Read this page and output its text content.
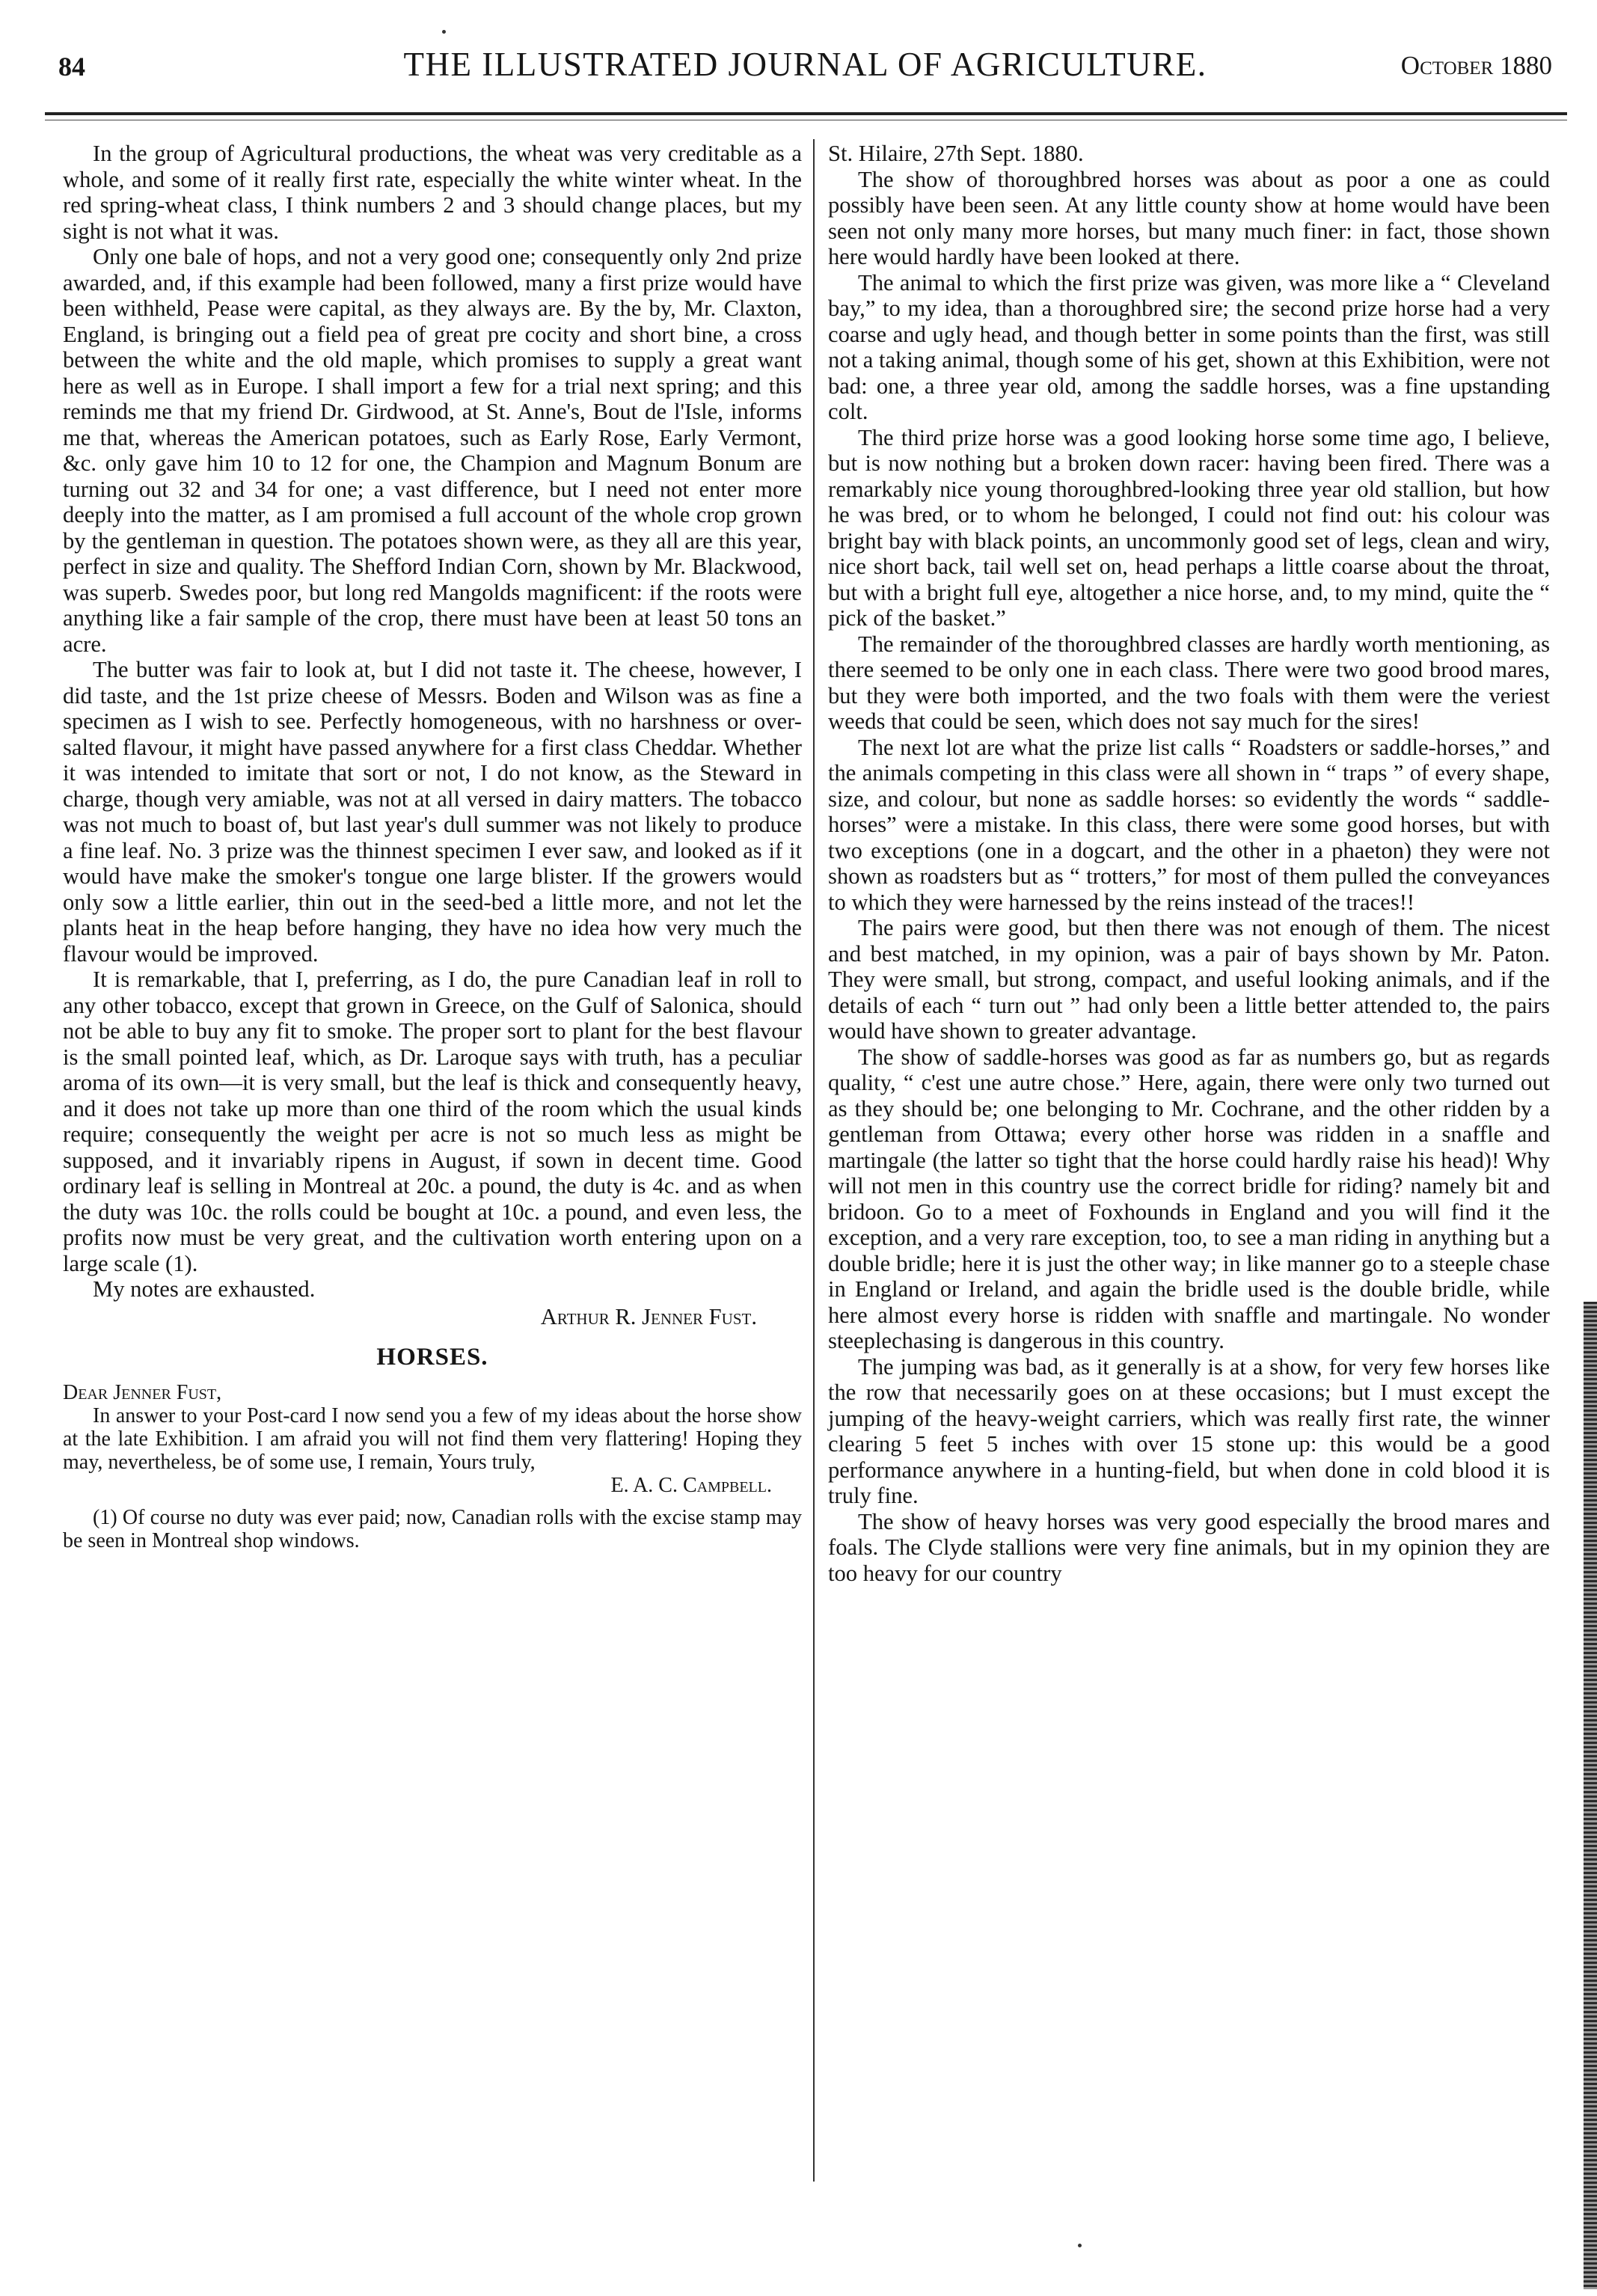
84	THE ILLUSTRATED JOURNAL OF AGRICULTURE.	October 1880

In the group of Agricultural productions, the wheat was very creditable as a whole, and some of it really first rate, especially the white winter wheat. In the red spring-wheat class, I think numbers 2 and 3 should change places, but my sight is not what it was.

Only one bale of hops, and not a very good one; consequently only 2nd prize awarded, and, if this example had been followed, many a first prize would have been withheld, Pease were capital, as they always are. By the by, Mr. Claxton, England, is bringing out a field pea of great pre cocity and short bine, a cross between the white and the old maple, which promises to supply a great want here as well as in Europe. I shall import a few for a trial next spring; and this reminds me that my friend Dr. Girdwood, at St. Anne's, Bout de l'Isle, informs me that, whereas the American potatoes, such as Early Rose, Early Vermont, &c. only gave him 10 to 12 for one, the Champion and Magnum Bonum are turning out 32 and 34 for one; a vast difference, but I need not enter more deeply into the matter, as I am promised a full account of the whole crop grown by the gentleman in question. The potatoes shown were, as they all are this year, perfect in size and quality. The Shefford Indian Corn, shown by Mr. Blackwood, was superb. Swedes poor, but long red Mangolds magnificent: if the roots were anything like a fair sample of the crop, there must have been at least 50 tons an acre.

The butter was fair to look at, but I did not taste it. The cheese, however, I did taste, and the 1st prize cheese of Messrs. Boden and Wilson was as fine a specimen as I wish to see. Perfectly homogeneous, with no harshness or over-salted flavour, it might have passed anywhere for a first class Cheddar. Whether it was intended to imitate that sort or not, I do not know, as the Steward in charge, though very amiable, was not at all versed in dairy matters. The tobacco was not much to boast of, but last year's dull summer was not likely to produce a fine leaf. No. 3 prize was the thinnest specimen I ever saw, and looked as if it would have make the smoker's tongue one large blister. If the growers would only sow a little earlier, thin out in the seed-bed a little more, and not let the plants heat in the heap before hanging, they have no idea how very much the flavour would be improved.

It is remarkable, that I, preferring, as I do, the pure Canadian leaf in roll to any other tobacco, except that grown in Greece, on the Gulf of Salonica, should not be able to buy any fit to smoke. The proper sort to plant for the best flavour is the small pointed leaf, which, as Dr. Laroque says with truth, has a peculiar aroma of its own—it is very small, but the leaf is thick and consequently heavy, and it does not take up more than one third of the room which the usual kinds require; consequently the weight per acre is not so much less as might be supposed, and it invariably ripens in August, if sown in decent time. Good ordinary leaf is selling in Montreal at 20c. a pound, the duty is 4c. and as when the duty was 10c. the rolls could be bought at 10c. a pound, and even less, the profits now must be very great, and the cultivation worth entering upon on a large scale (1).

My notes are exhausted.

Arthur R. Jenner Fust.
HORSES.

Dear Jenner Fust,

In answer to your Post-card I now send you a few of my ideas about the horse show at the late Exhibition. I am afraid you will not find them very flattering! Hoping they may, nevertheless, be of some use, I remain, Yours truly,

E. A. C. Campbell.

(1) Of course no duty was ever paid; now, Canadian rolls with the excise stamp may be seen in Montreal shop windows.

St. Hilaire, 27th Sept. 1880.

The show of thoroughbred horses was about as poor a one as could possibly have been seen. At any little county show at home would have been seen not only many more horses, but many much finer: in fact, those shown here would hardly have been looked at there.

The animal to which the first prize was given, was more like a “ Cleveland bay,” to my idea, than a thoroughbred sire; the second prize horse had a very coarse and ugly head, and though better in some points than the first, was still not a taking animal, though some of his get, shown at this Exhibition, were not bad: one, a three year old, among the saddle horses, was a fine upstanding colt.

The third prize horse was a good looking horse some time ago, I believe, but is now nothing but a broken down racer: having been fired. There was a remarkably nice young thoroughbred-looking three year old stallion, but how he was bred, or to whom he belonged, I could not find out: his colour was bright bay with black points, an uncommonly good set of legs, clean and wiry, nice short back, tail well set on, head perhaps a little coarse about the throat, but with a bright full eye, altogether a nice horse, and, to my mind, quite the “ pick of the basket.”

The remainder of the thoroughbred classes are hardly worth mentioning, as there seemed to be only one in each class. There were two good brood mares, but they were both imported, and the two foals with them were the veriest weeds that could be seen, which does not say much for the sires!

The next lot are what the prize list calls “ Roadsters or saddle-horses,” and the animals competing in this class were all shown in “ traps ” of every shape, size, and colour, but none as saddle horses: so evidently the words “ saddle-horses” were a mistake. In this class, there were some good horses, but with two exceptions (one in a dogcart, and the other in a phaeton) they were not shown as roadsters but as “ trotters,” for most of them pulled the conveyances to which they were harnessed by the reins instead of the traces!!

The pairs were good, but then there was not enough of them. The nicest and best matched, in my opinion, was a pair of bays shown by Mr. Paton. They were small, but strong, compact, and useful looking animals, and if the details of each “ turn out ” had only been a little better attended to, the pairs would have shown to greater advantage.

The show of saddle-horses was good as far as numbers go, but as regards quality, “ c'est une autre chose.” Here, again, there were only two turned out as they should be; one belonging to Mr. Cochrane, and the other ridden by a gentleman from Ottawa; every other horse was ridden in a snaffle and martingale (the latter so tight that the horse could hardly raise his head)! Why will not men in this country use the correct bridle for riding? namely bit and bridoon. Go to a meet of Foxhounds in England and you will find it the exception, and a very rare exception, too, to see a man riding in anything but a double bridle; here it is just the other way; in like manner go to a steeple chase in England or Ireland, and again the bridle used is the double bridle, while here almost every horse is ridden with snaffle and martingale. No wonder steeplechasing is dangerous in this country.

The jumping was bad, as it generally is at a show, for very few horses like the row that necessarily goes on at these occasions; but I must except the jumping of the heavy-weight carriers, which was really first rate, the winner clearing 5 feet 5 inches with over 15 stone up: this would be a good performance anywhere in a hunting-field, but when done in cold blood it is truly fine.

The show of heavy horses was very good especially the brood mares and foals. The Clyde stallions were very fine animals, but in my opinion they are too heavy for our country
